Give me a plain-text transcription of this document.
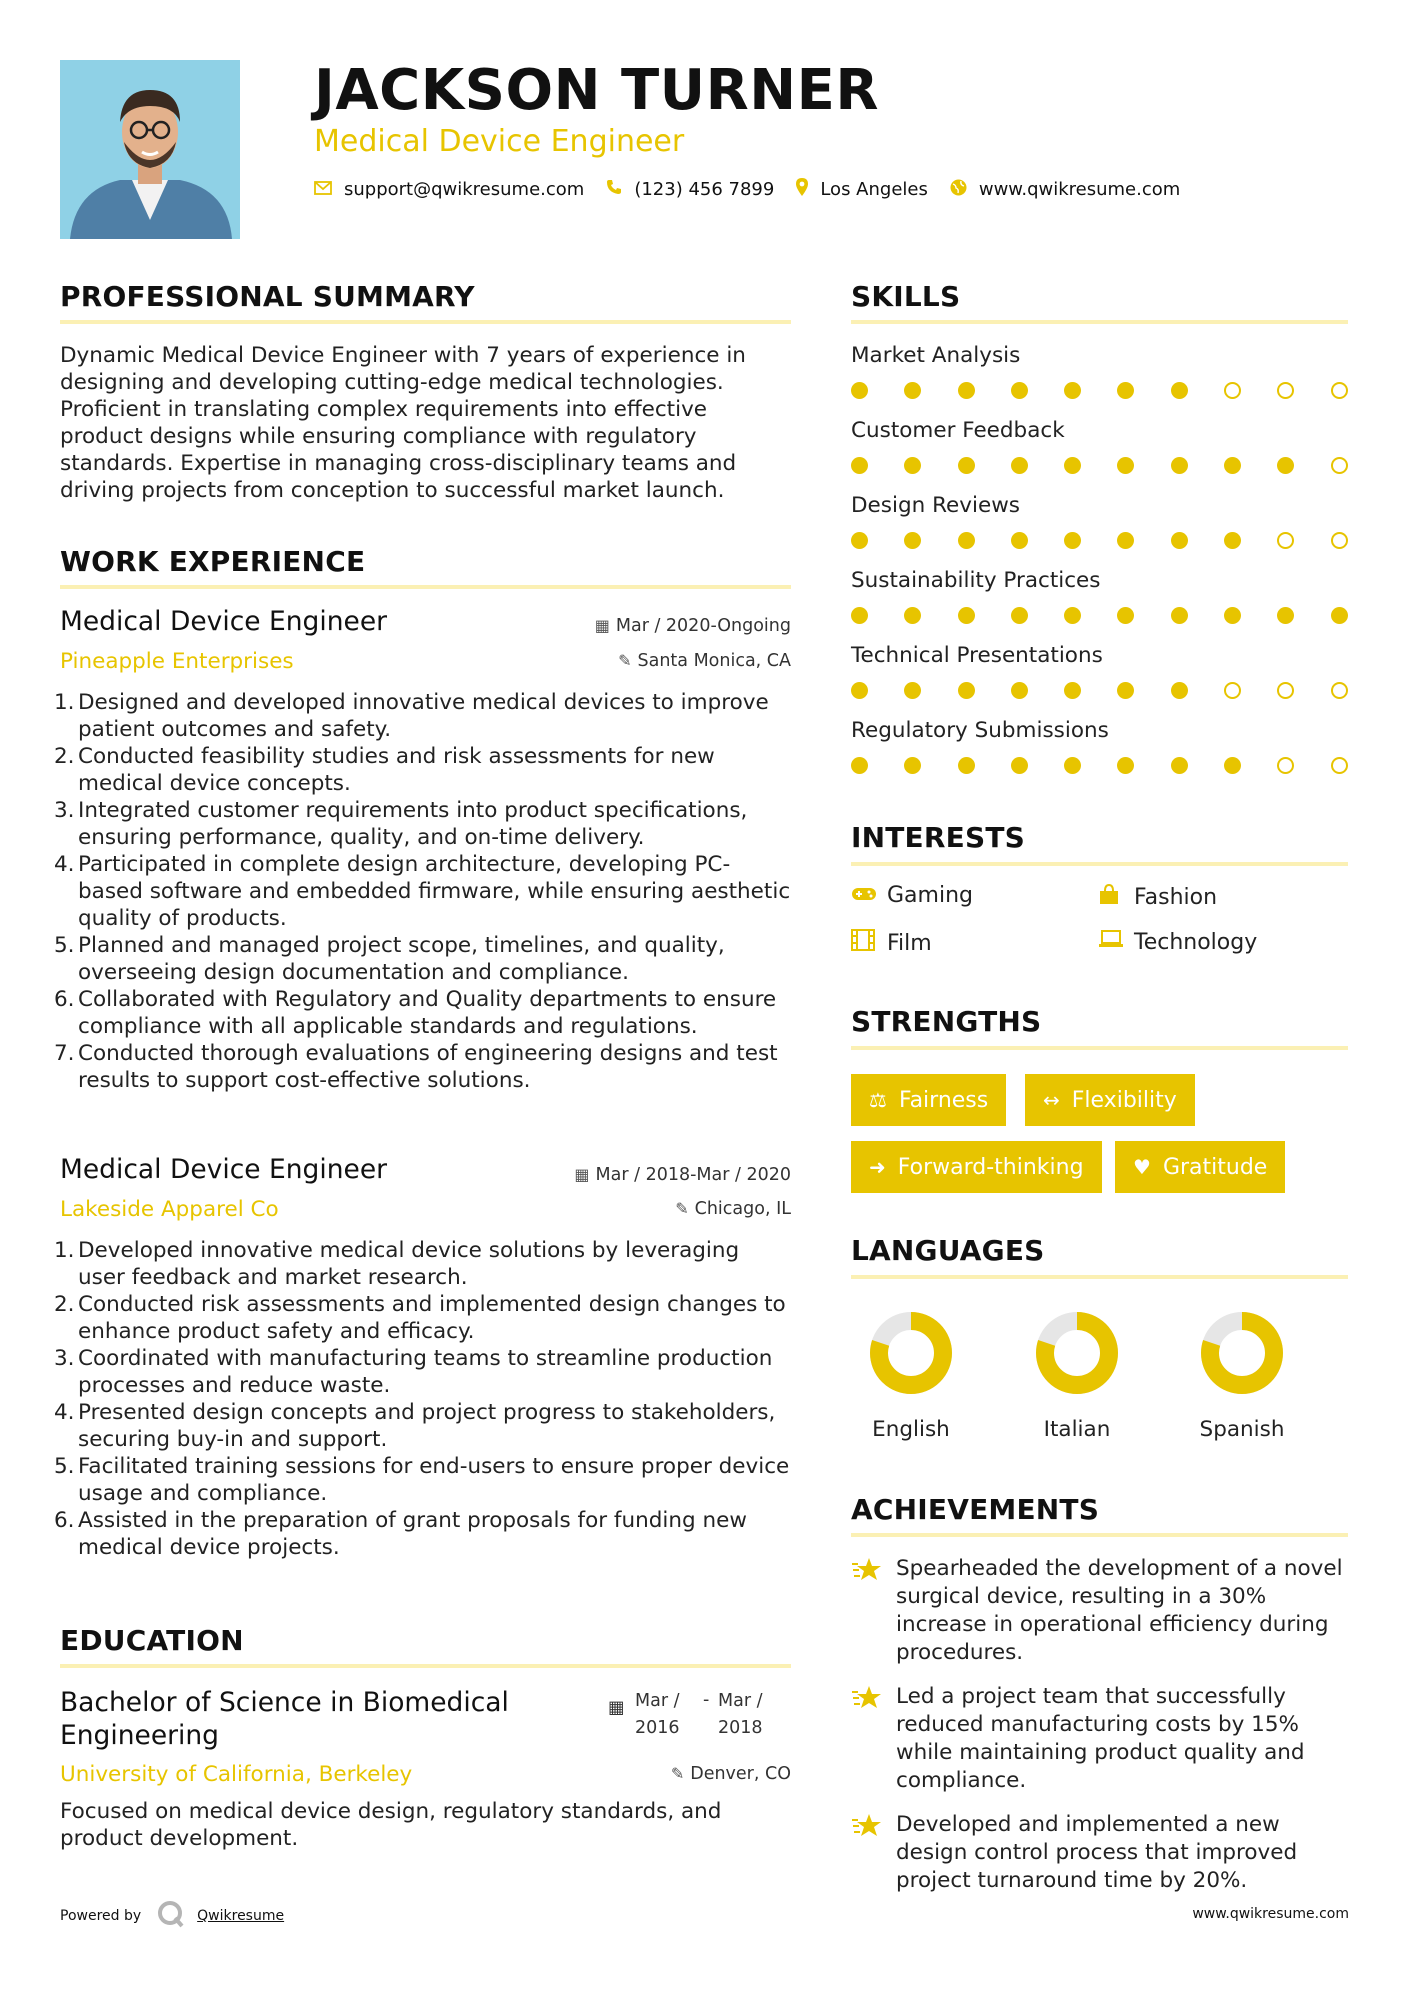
JACKSON TURNER
Medical Device Engineer
support@qwikresume.com	(123) 456 7899	Los Angeles	www.qwikresume.com
PROFESSIONAL SUMMARY
Dynamic Medical Device Engineer with 7 years of experience in designing and developing cutting-edge medical technologies. Proficient in translating complex requirements into effective product designs while ensuring compliance with regulatory standards. Expertise in managing cross-disciplinary teams and driving projects from conception to successful market launch.
WORK EXPERIENCE
Medical Device Engineer	▦ Mar / 2020-Ongoing
Pineapple Enterprises	✎ Santa Monica, CA
1. Designed and developed innovative medical devices to improve patient outcomes and safety.
2. Conducted feasibility studies and risk assessments for new medical device concepts.
3. Integrated customer requirements into product specifications, ensuring performance, quality, and on-time delivery.
4. Participated in complete design architecture, developing PC-based software and embedded firmware, while ensuring aesthetic quality of products.
5. Planned and managed project scope, timelines, and quality, overseeing design documentation and compliance.
6. Collaborated with Regulatory and Quality departments to ensure compliance with all applicable standards and regulations.
7. Conducted thorough evaluations of engineering designs and test results to support cost-effective solutions.
Medical Device Engineer	▦ Mar / 2018-Mar / 2020
Lakeside Apparel Co	✎ Chicago, IL
1. Developed innovative medical device solutions by leveraging user feedback and market research.
2. Conducted risk assessments and implemented design changes to enhance product safety and efficacy.
3. Coordinated with manufacturing teams to streamline production processes and reduce waste.
4. Presented design concepts and project progress to stakeholders, securing buy-in and support.
5. Facilitated training sessions for end-users to ensure proper device usage and compliance.
6. Assisted in the preparation of grant proposals for funding new medical device projects.
EDUCATION
Bachelor of Science in Biomedical Engineering
▦ Mar / 2016
- Mar / 2018
University of California, Berkeley	✎ Denver, CO
Focused on medical device design, regulatory standards, and product development.
SKILLS
Market Analysis
Customer Feedback
Design Reviews
Sustainability Practices
Technical Presentations
Regulatory Submissions
INTERESTS
Gaming	Fashion
Film	Technology
STRENGTHS
⚖ Fairness	↔ Flexibility
➜ Forward-thinking ♥ Gratitude
LANGUAGES
English	Italian	Spanish
ACHIEVEMENTS
Spearheaded the development of a novel surgical device, resulting in a 30% increase in operational efficiency during procedures.
Led a project team that successfully reduced manufacturing costs by 15% while maintaining product quality and compliance.
Developed and implemented a new design control process that improved project turnaround time by 20%.
Powered by	Qwikresume	www.qwikresume.com
